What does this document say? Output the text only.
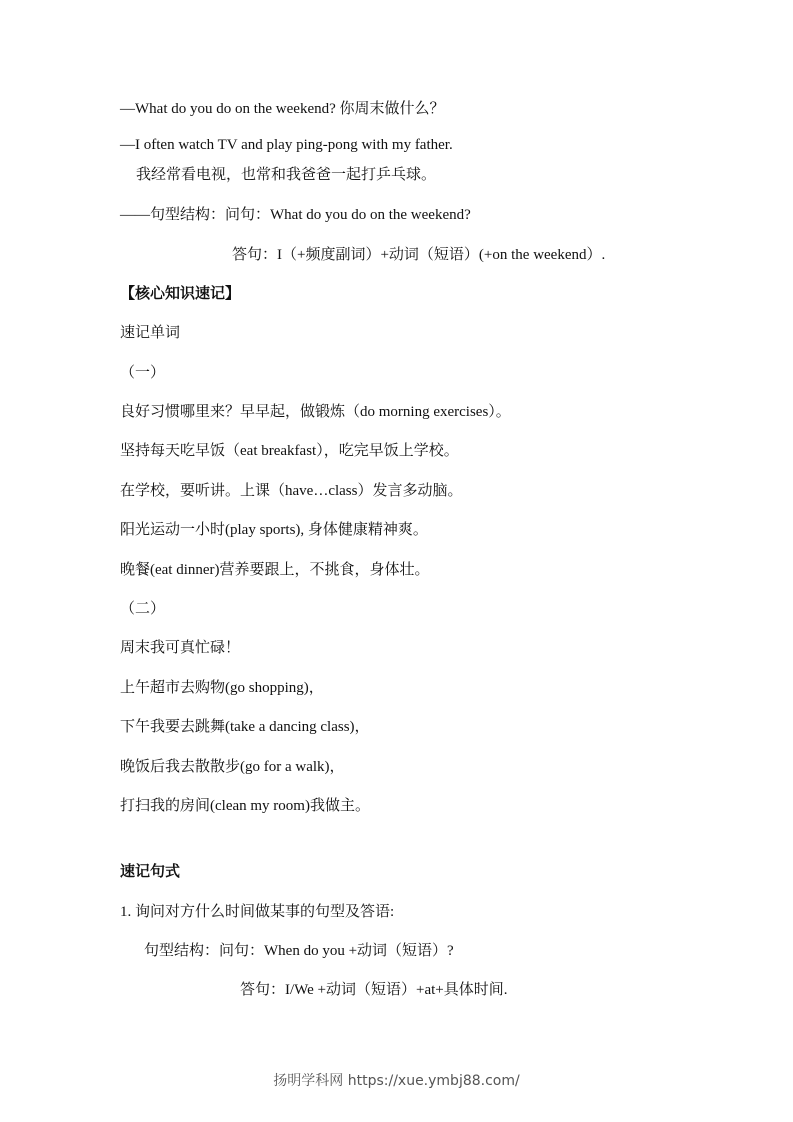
—What do you do on the weekend? 你周末做什么？
—I often watch TV and play ping-pong with my father.
我经常看电视，也常和我爸爸一起打乒乓球。
——句型结构：问句：What do you do on the weekend?
答句：I（+频度副词）+动词（短语）(+on the weekend）.
【核心知识速记】
速记单词
（一）
良好习惯哪里来？早早起，做锻炼（do morning exercises）。
坚持每天吃早饭（eat breakfast），吃完早饭上学校。
在学校，要听讲。上课（have…class）发言多动脑。
阳光运动一小时(play sports), 身体健康精神爽。
晚餐(eat dinner)营养要跟上，不挑食，身体壮。
（二）
周末我可真忙碌！
上午超市去购物(go shopping)，
下午我要去跳舞(take a dancing class)，
晚饭后我去散散步(go for a walk)，
打扫我的房间(clean my room)我做主。
速记句式
1. 询问对方什么时间做某事的句型及答语:
句型结构：问句：When do you +动词（短语）?
答句：I/We +动词（短语）+at+具体时间.
扬明学科网 https://xue.ymbj88.com/
